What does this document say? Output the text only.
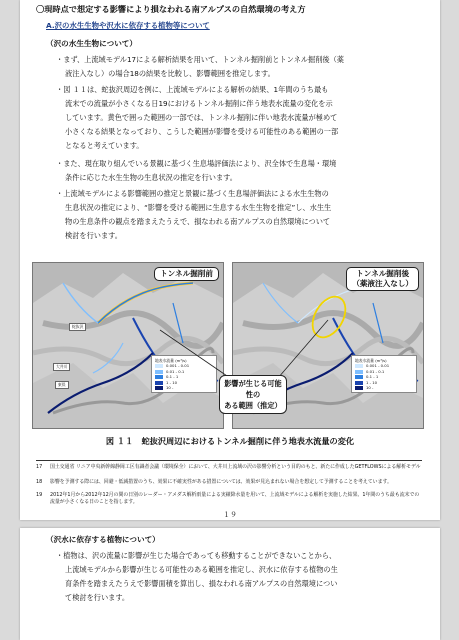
〇現時点で想定する影響により損なわれる南アルプスの自然環境の考え方
A.沢の水生生物や沢水に依存する植物等について
（沢の水生生物について）
・まず、上流域モデル17による解析結果を用いて、トンネル掘削前とトンネル掘削後（薬
液注入なし）の場合18の結果を比較し、影響範囲を推定します。
・図 １１は、蛇抜沢周辺を例に、上流域モデルによる解析の結果、1年間のうち最も
流末での流量が小さくなる日19におけるトンネル掘削に伴う地表水流量の変化を示
しています。黄色で囲った範囲の一部では、トンネル掘削に伴い地表水流量が極めて
小さくなる結果となっており、こうした範囲が影響を受ける可能性のある範囲の一部
となると考えています。
・また、現在取り組んでいる景観に基づく生息場評価法により、沢全体で生息場・環境
条件に応じた水生生物の生息状況の推定を行います。
・上流域モデルによる影響範囲の推定と景観に基づく生息場評価法による水生生物の
生息状況の推定により、“影響を受ける範囲に生息する水生生物を推定”し、水生生
物の生息条件の観点を踏まえたうえで、損なわれる南アルプスの自然環境について
検討を行います。
トンネル掘削前
蛇抜沢
大井川
東俣
地表水流量 (m³/s)
0.001 - 0.01
0.01 - 0.1
0.1 - 1
1 - 10
10 -
トンネル掘削後
（薬液注入なし）
地表水流量 (m³/s)
0.001 - 0.01
0.01 - 0.1
0.1 - 1
1 - 10
10 -
影響が生じる可能性の
ある範囲（推定）
図 １１　蛇抜沢周辺におけるトンネル掘削に伴う地表水流量の変化
17 国土交通省 リニア中央新幹線静岡工区有識者会議（環境保全）において、大井川上流域の沢の影響分析という目的のもと、新たに作成したGETFLOWSによる解析モデル
18 影響を予測する際には、回避・低減措置のうち、効果に不確実性がある措置については、効果が見込まれない場合を想定して予測することを考えています。
19 2012年1月から2012年12月の間の日別のレーダー・アメダス解析雨量による実績降水量を用いて、上流域モデルによる解析を実施した結果、1年間のうち最も流末での流量が小さくなる日のことを指します。
１９
（沢水に依存する植物について）
・植物は、沢の流量に影響が生じた場合であっても移動することができないことから、
上流域モデルから影響が生じる可能性のある範囲を推定し、沢水に依存する植物の生
育条件を踏まえたうえで影響面積を算出し、損なわれる南アルプスの自然環境につい
て検討を行います。
